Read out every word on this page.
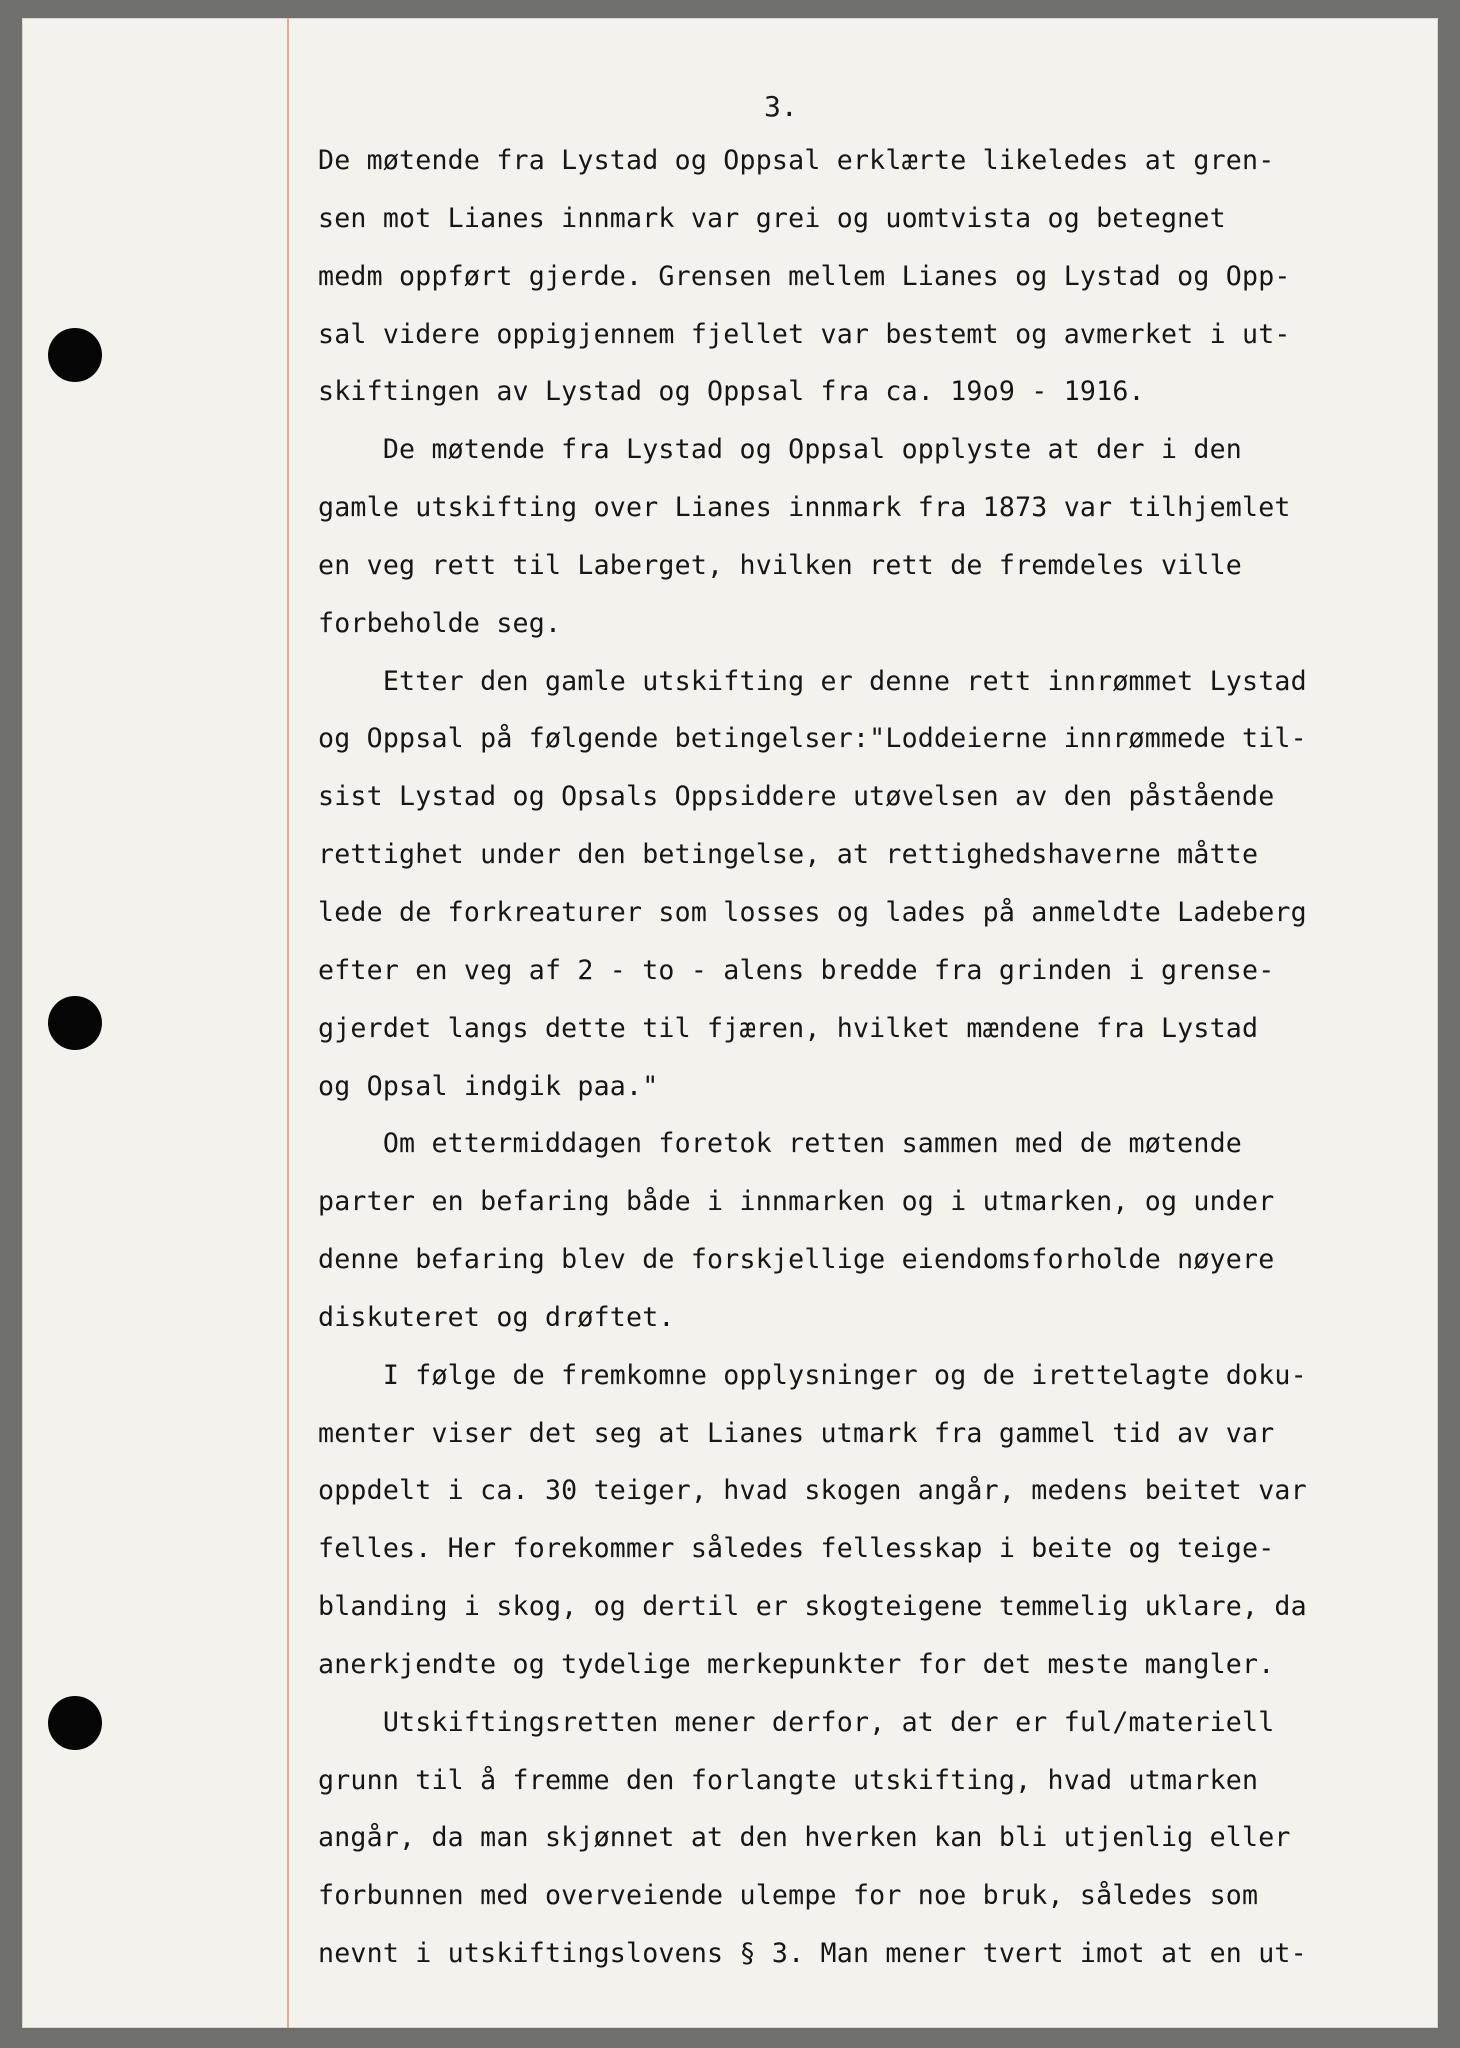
3.
De møtende fra Lystad og Oppsal erklærte likeledes at gren-
sen mot Lianes innmark var grei og uomtvista og betegnet
medm oppført gjerde. Grensen mellem Lianes og Lystad og Opp-
sal videre oppigjennem fjellet var bestemt og avmerket i ut-
skiftingen av Lystad og Oppsal fra ca. 19o9 - 1916.
De møtende fra Lystad og Oppsal opplyste at der i den
gamle utskifting over Lianes innmark fra 1873 var tilhjemlet
en veg rett til Laberget, hvilken rett de fremdeles ville
forbeholde seg.
Etter den gamle utskifting er denne rett innrømmet Lystad
og Oppsal på følgende betingelser:"Loddeierne innrømmede til-
sist Lystad og Opsals Oppsiddere utøvelsen av den påstående
rettighet under den betingelse, at rettighedshaverne måtte
lede de forkreaturer som losses og lades på anmeldte Ladeberg
efter en veg af 2 - to - alens bredde fra grinden i grense-
gjerdet langs dette til fjæren, hvilket mændene fra Lystad
og Opsal indgik paa."
Om ettermiddagen foretok retten sammen med de møtende
parter en befaring både i innmarken og i utmarken, og under
denne befaring blev de forskjellige eiendomsforholde nøyere
diskuteret og drøftet.
I følge de fremkomne opplysninger og de irettelagte doku-
menter viser det seg at Lianes utmark fra gammel tid av var
oppdelt i ca. 30 teiger, hvad skogen angår, medens beitet var
felles. Her forekommer således fellesskap i beite og teige-
blanding i skog, og dertil er skogteigene temmelig uklare, da
anerkjendte og tydelige merkepunkter for det meste mangler.
Utskiftingsretten mener derfor, at der er ful/materiell
grunn til å fremme den forlangte utskifting, hvad utmarken
angår, da man skjønnet at den hverken kan bli utjenlig eller
forbunnen med overveiende ulempe for noe bruk, således som
nevnt i utskiftingslovens § 3. Man mener tvert imot at en ut-
